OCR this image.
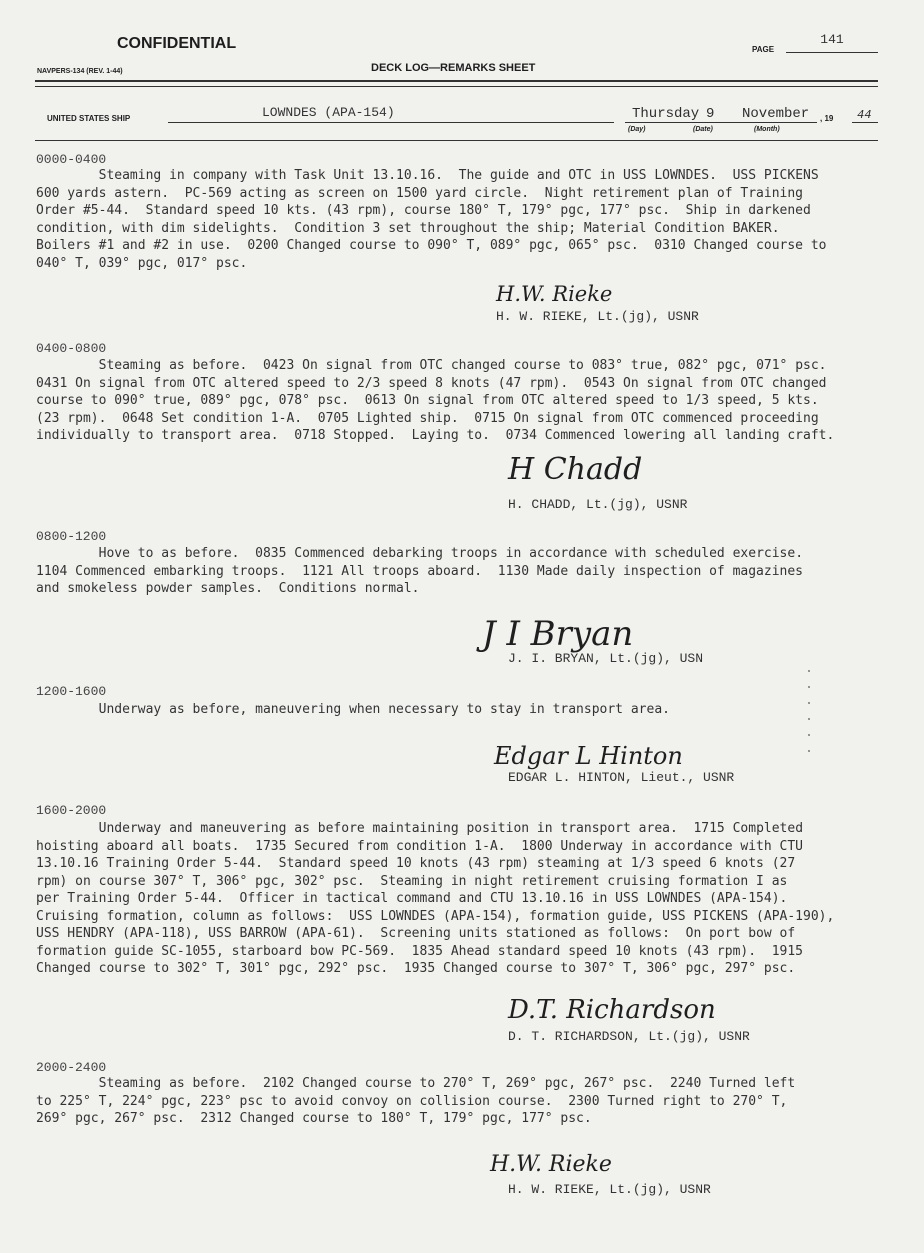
CONFIDENTIAL	PAGE
141
NAVPERS-134 (REV. 1-44)	DECK LOG—REMARKS SHEET
UNITED STATES SHIP	LOWNDES (APA-154)	Thursday 9 November
(Day)	(Date)	(Month)
, 19 44
0000-0400
Steaming in company with Task Unit 13.10.16.  The guide and OTC in USS LOWNDES.  USS PICKENS
600 yards astern.  PC-569 acting as screen on 1500 yard circle.  Night retirement plan of Training
Order #5-44.  Standard speed 10 kts. (43 rpm), course 180° T, 179° pgc, 177° psc.  Ship in darkened
condition, with dim sidelights.  Condition 3 set throughout the ship; Material Condition BAKER.
Boilers #1 and #2 in use.  0200 Changed course to 090° T, 089° pgc, 065° psc.  0310 Changed course to
040° T, 039° pgc, 017° psc.
H.W. Rieke
H. W. RIEKE, Lt.(jg), USNR
0400-0800
Steaming as before.  0423 On signal from OTC changed course to 083° true, 082° pgc, 071° psc.
0431 On signal from OTC altered speed to 2/3 speed 8 knots (47 rpm).  0543 On signal from OTC changed
course to 090° true, 089° pgc, 078° psc.  0613 On signal from OTC altered speed to 1/3 speed, 5 kts.
(23 rpm).  0648 Set condition 1-A.  0705 Lighted ship.  0715 On signal from OTC commenced proceeding
individually to transport area.  0718 Stopped.  Laying to.  0734 Commenced lowering all landing craft.
H Chadd
H. CHADD, Lt.(jg), USNR
0800-1200
Hove to as before.  0835 Commenced debarking troops in accordance with scheduled exercise.
1104 Commenced embarking troops.  1121 All troops aboard.  1130 Made daily inspection of magazines
and smokeless powder samples.  Conditions normal.
J I Bryan
J. I. BRYAN, Lt.(jg), USN
1200-1600
Underway as before, maneuvering when necessary to stay in transport area.
Edgar L Hinton
EDGAR L. HINTON, Lieut., USNR
1600-2000
Underway and maneuvering as before maintaining position in transport area.  1715 Completed
hoisting aboard all boats.  1735 Secured from condition 1-A.  1800 Underway in accordance with CTU
13.10.16 Training Order 5-44.  Standard speed 10 knots (43 rpm) steaming at 1/3 speed 6 knots (27
rpm) on course 307° T, 306° pgc, 302° psc.  Steaming in night retirement cruising formation I as
per Training Order 5-44.  Officer in tactical command and CTU 13.10.16 in USS LOWNDES (APA-154).
Cruising formation, column as follows:  USS LOWNDES (APA-154), formation guide, USS PICKENS (APA-190),
USS HENDRY (APA-118), USS BARROW (APA-61).  Screening units stationed as follows:  On port bow of
formation guide SC-1055, starboard bow PC-569.  1835 Ahead standard speed 10 knots (43 rpm).  1915
Changed course to 302° T, 301° pgc, 292° psc.  1935 Changed course to 307° T, 306° pgc, 297° psc.
D.T. Richardson
D. T. RICHARDSON, Lt.(jg), USNR
2000-2400
Steaming as before.  2102 Changed course to 270° T, 269° pgc, 267° psc.  2240 Turned left
to 225° T, 224° pgc, 223° psc to avoid convoy on collision course.  2300 Turned right to 270° T,
269° pgc, 267° psc.  2312 Changed course to 180° T, 179° pgc, 177° psc.
H.W. Rieke
H. W. RIEKE, Lt.(jg), USNR
